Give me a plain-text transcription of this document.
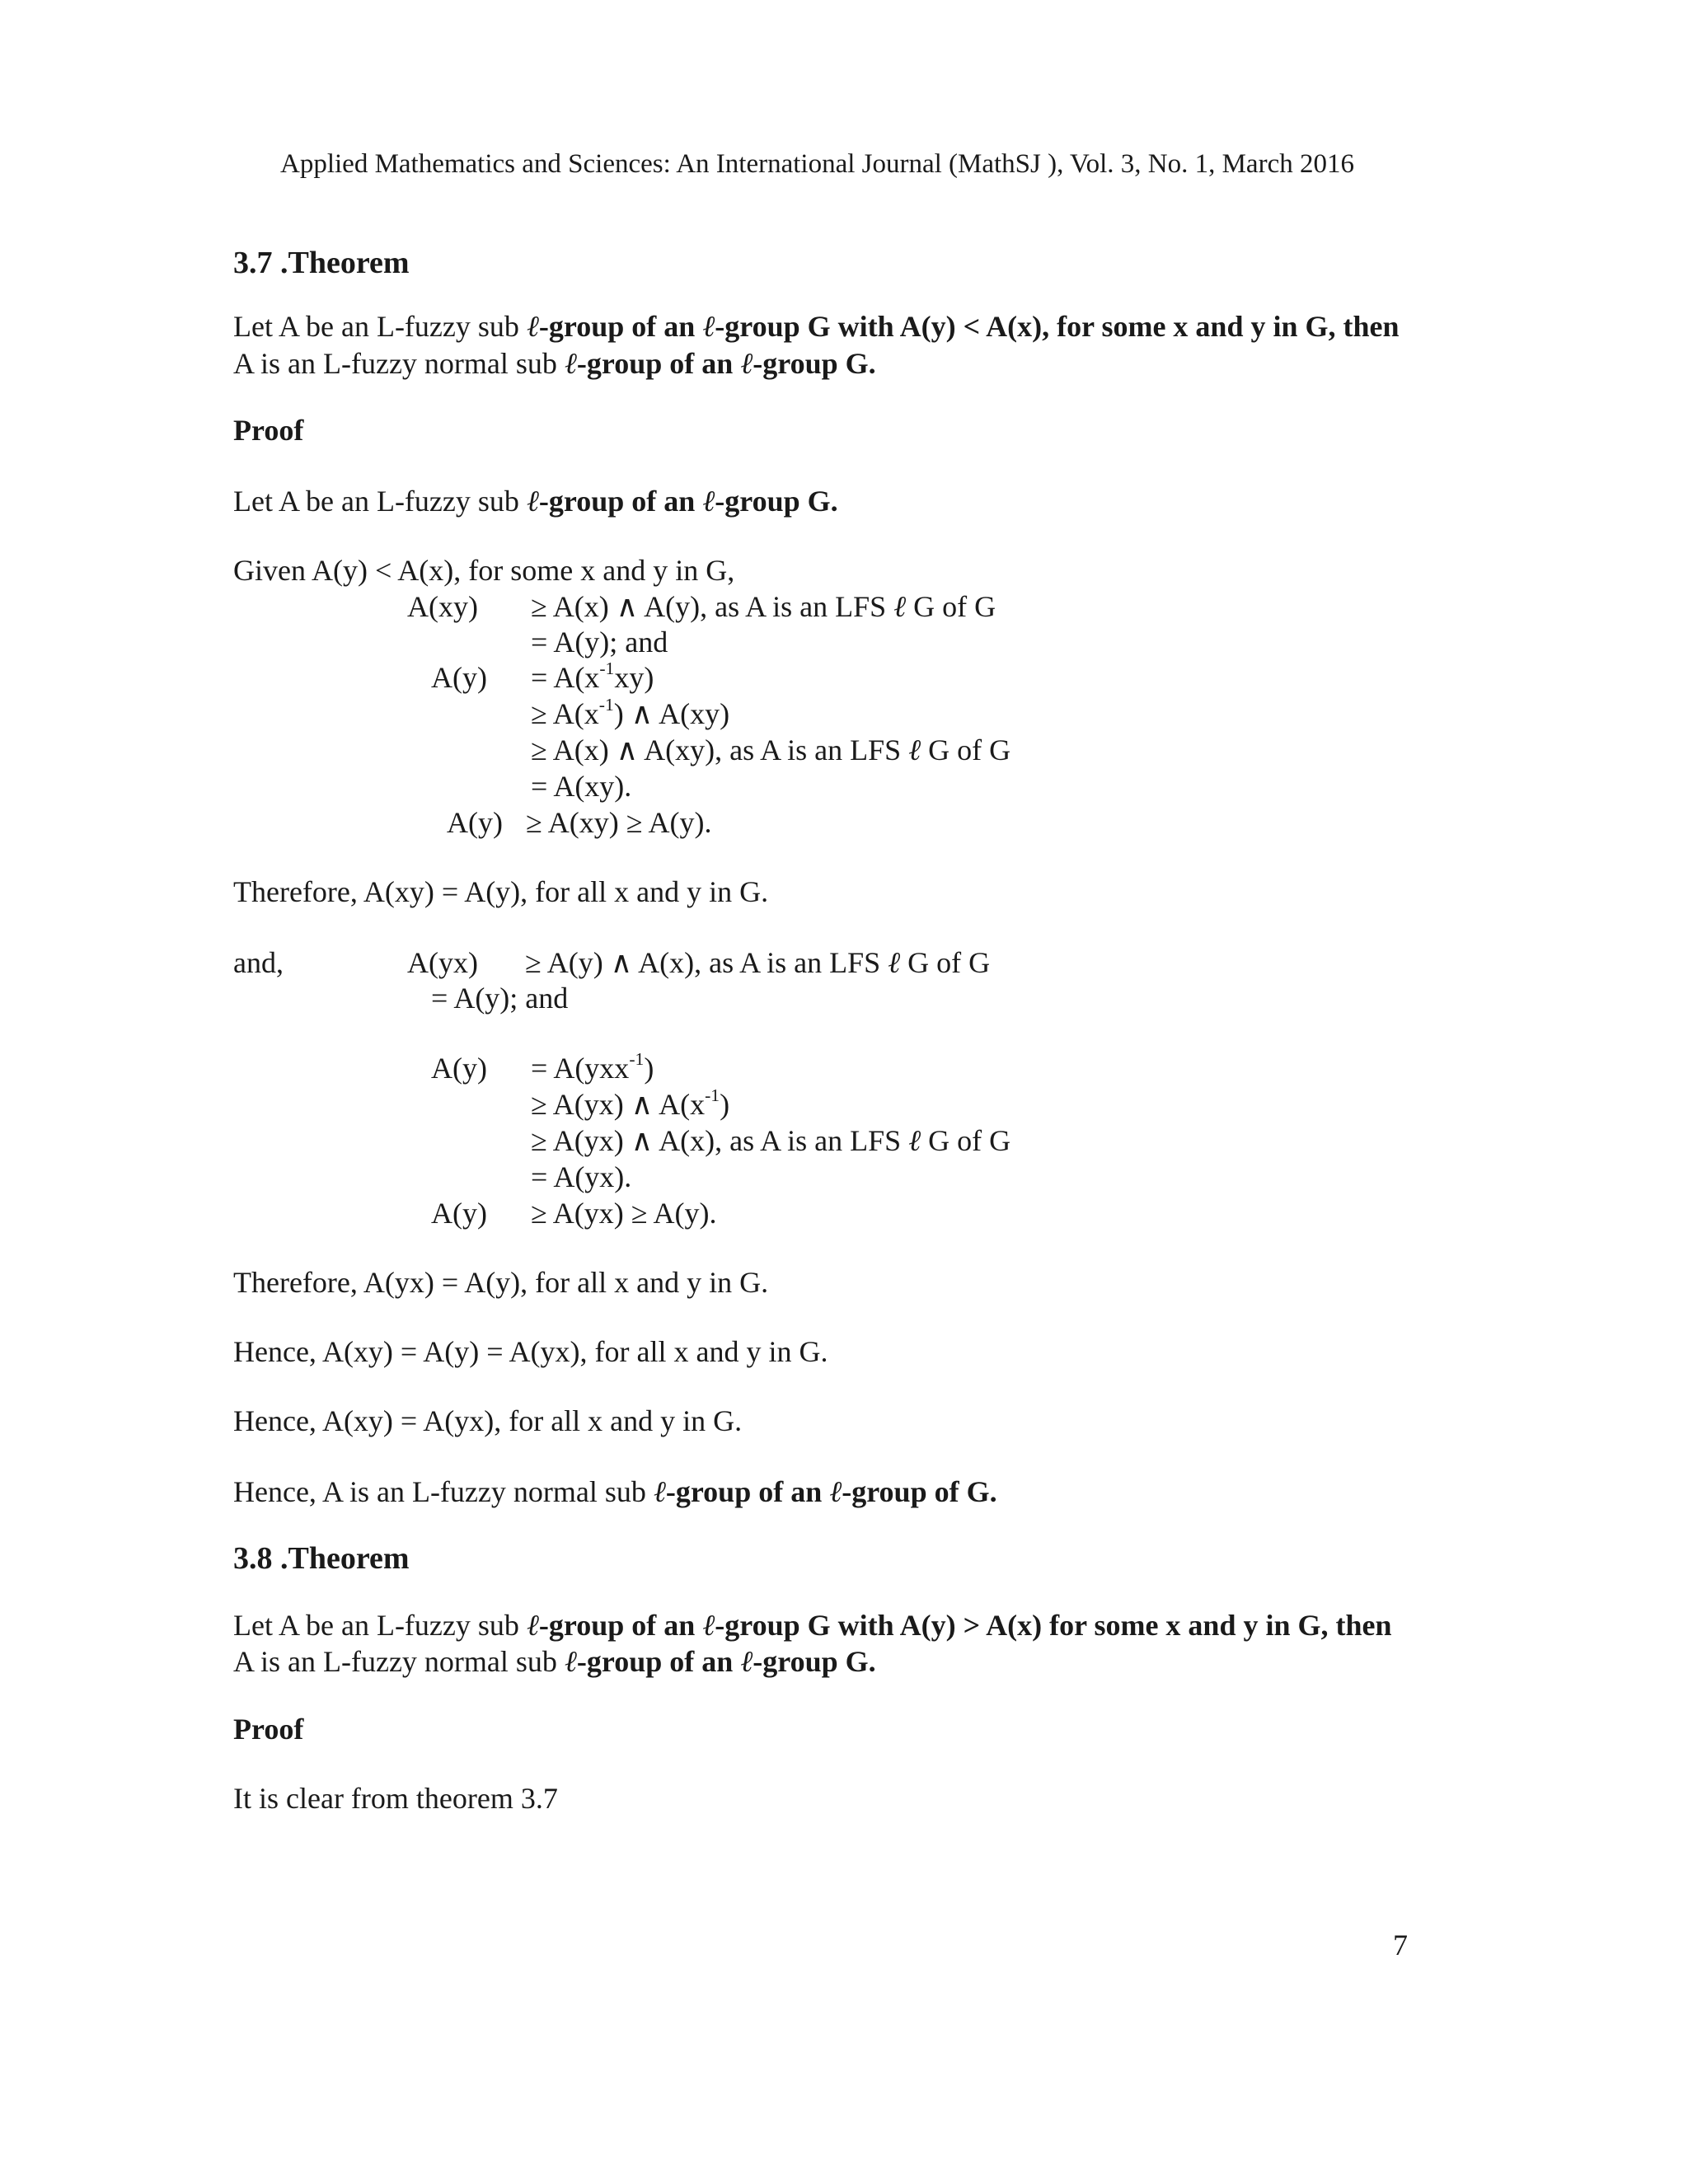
Applied Mathematics and Sciences: An International Journal (MathSJ ), Vol. 3, No. 1, March 2016
3.7 .Theorem
Let A be an L-fuzzy sub ℓ-group of an ℓ-group G with A(y) < A(x), for some x and y in G, then
A is an L-fuzzy normal sub ℓ-group of an ℓ-group G.
Proof
Let A be an L-fuzzy sub ℓ-group of an ℓ-group G.
Given A(y) < A(x), for some x and y in G,
A(xy) ≥ A(x) ∧ A(y), as A is an LFS ℓ G of G
= A(y); and
$A(y) = A(x^{-1}xy)$
≥ $A(x^{-1})$ ∧ A(xy)
≥ A(x) ∧ A(xy), as A is an LFS ℓ G of G
= A(xy).
A(y) ≥ A(xy) ≥ A(y).
Therefore, A(xy) = A(y), for all x and y in G.
and,	A(yx) ≥ A(y) ∧ A(x), as A is an LFS ℓ G of G
= A(y); and
A(y) = A(yxx$^{-1}$)
≥ A(yx) ∧ $A(x^{-1})$
≥ A(yx) ∧ A(x), as A is an LFS ℓ G of G
= A(yx).
A(y) ≥ A(yx) ≥ A(y).
Therefore, A(yx) = A(y), for all x and y in G.
Hence, A(xy) = A(y) = A(yx), for all x and y in G.
Hence, A(xy) = A(yx), for all x and y in G.
Hence, A is an L-fuzzy normal sub ℓ-group of an ℓ-group of G.
3.8 .Theorem
Let A be an L-fuzzy sub ℓ-group of an ℓ-group G with A(y) > A(x) for some x and y in G, then
A is an L-fuzzy normal sub ℓ-group of an ℓ-group G.
Proof
It is clear from theorem 3.7
7
